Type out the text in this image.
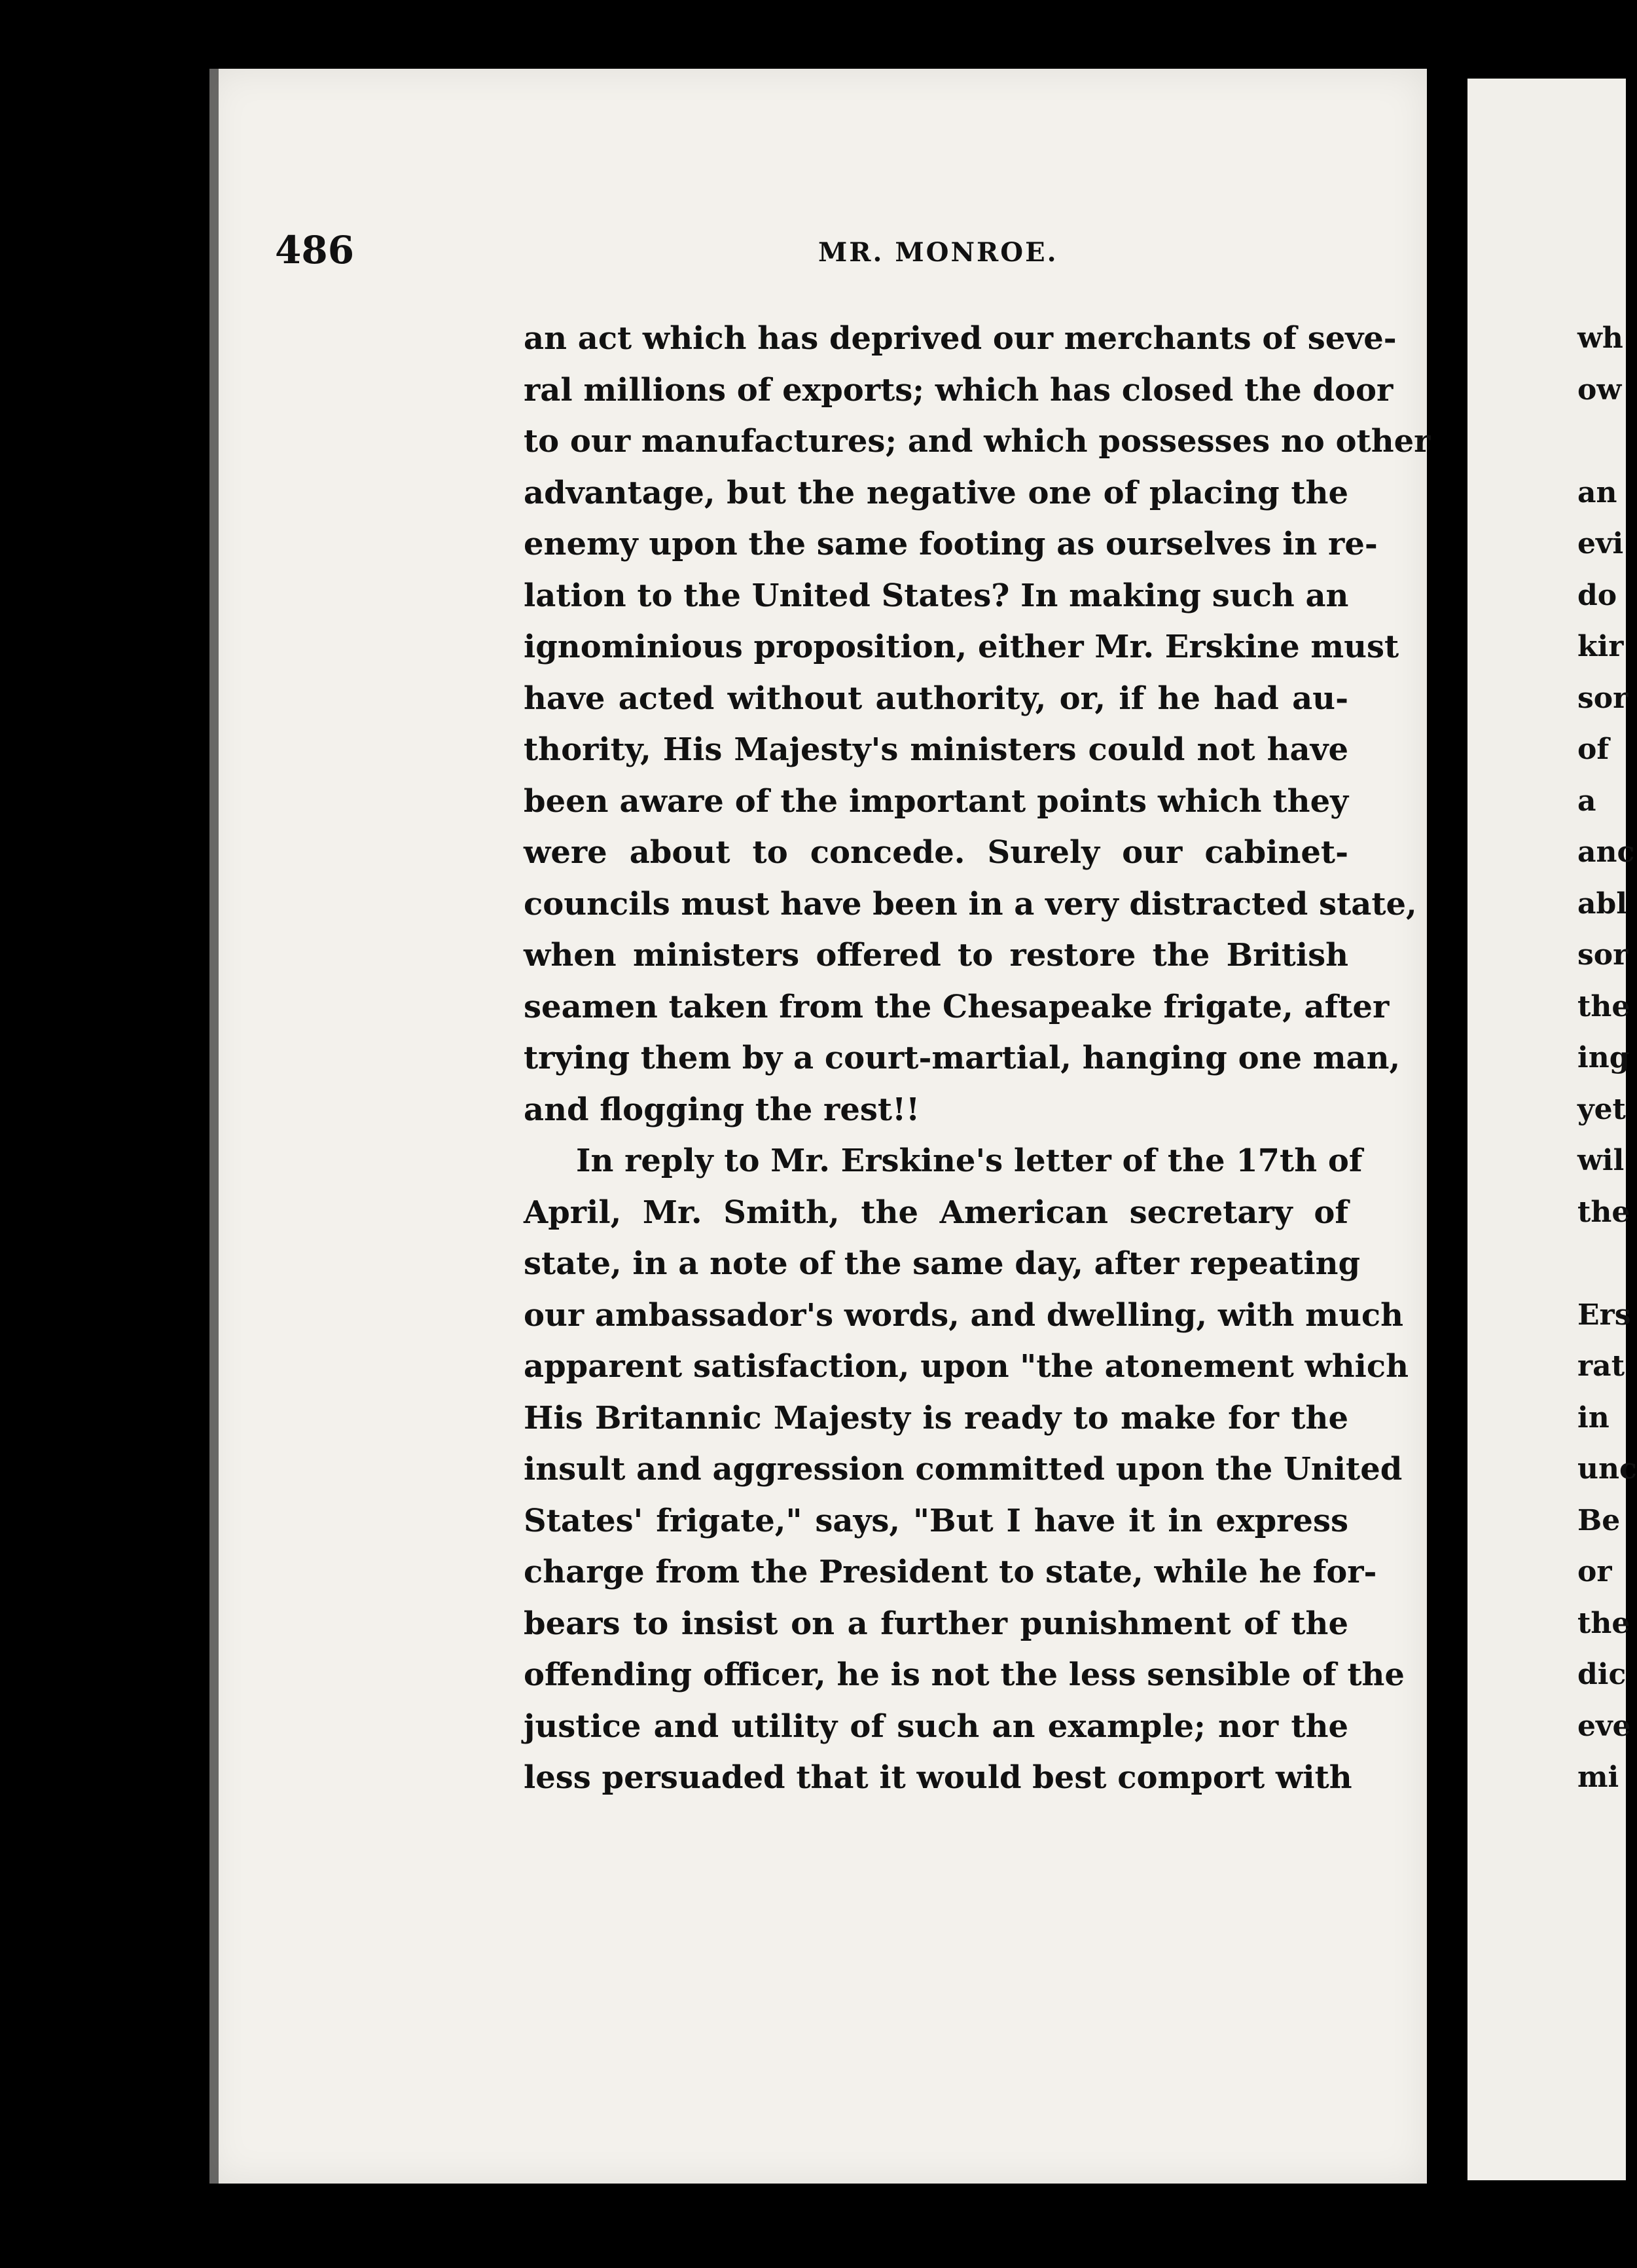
486	MR. MONROE.
an act which has deprived our merchants of seve-
ral millions of exports; which has closed the door
to our manufactures; and which possesses no other
advantage, but the negative one of placing the
enemy upon the same footing as ourselves in re-
lation to the United States? In making such an
ignominious proposition, either Mr. Erskine must
have acted without authority, or, if he had au-
thority, His Majesty's ministers could not have
been aware of the important points which they
were about to concede. Surely our cabinet-
councils must have been in a very distracted state,
when ministers offered to restore the British
seamen taken from the Chesapeake frigate, after
trying them by a court-martial, hanging one man,
and flogging the rest!!
In reply to Mr. Erskine's letter of the 17th of
April, Mr. Smith, the American secretary of
state, in a note of the same day, after repeating
our ambassador's words, and dwelling, with much
apparent satisfaction, upon "the atonement which
His Britannic Majesty is ready to make for the
insult and aggression committed upon the United
States' frigate," says, "But I have it in express
charge from the President to state, while he for-
bears to insist on a further punishment of the
offending officer, he is not the less sensible of the
justice and utility of such an example; nor the
less persuaded that it would best comport with
wh
ow
an
evi
do
kir
sor
of
a
anc
abl
sor
the
ing
yet
wil
the
Ers
rat
in
unc
Be
or
the
dic
eve
mi
